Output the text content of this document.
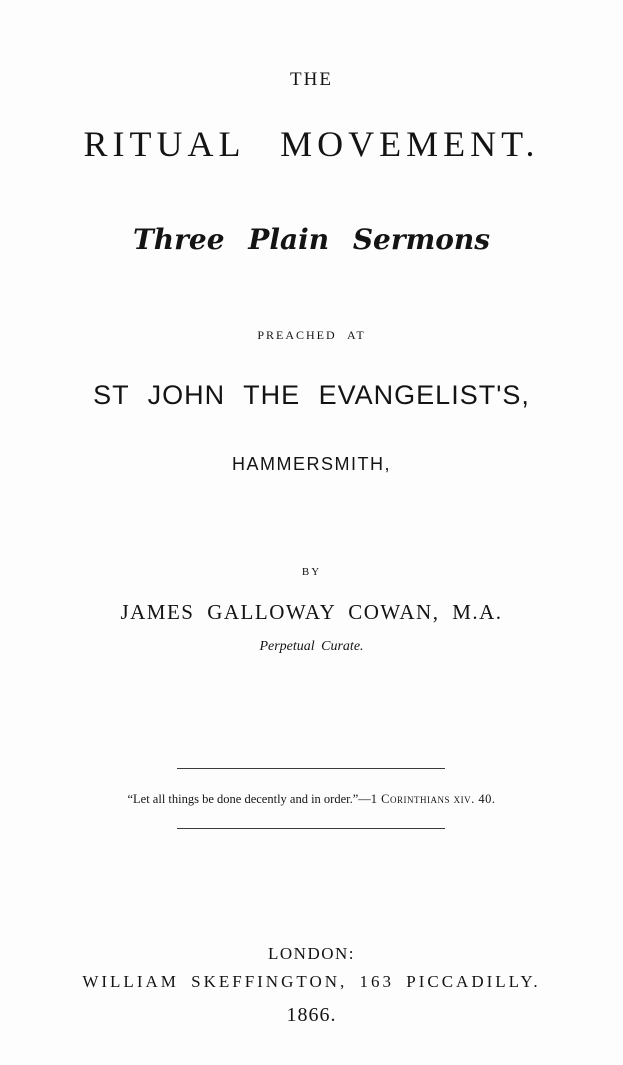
THE
RITUAL MOVEMENT.
Three Plain Sermons
PREACHED AT
ST JOHN THE EVANGELIST'S,
HAMMERSMITH,
BY
JAMES GALLOWAY COWAN, M.A.
Perpetual Curate.
“Let all things be done decently and in order.”—1 Corinthians xiv. 40.
LONDON:
WILLIAM SKEFFINGTON, 163 PICCADILLY.
1866.
